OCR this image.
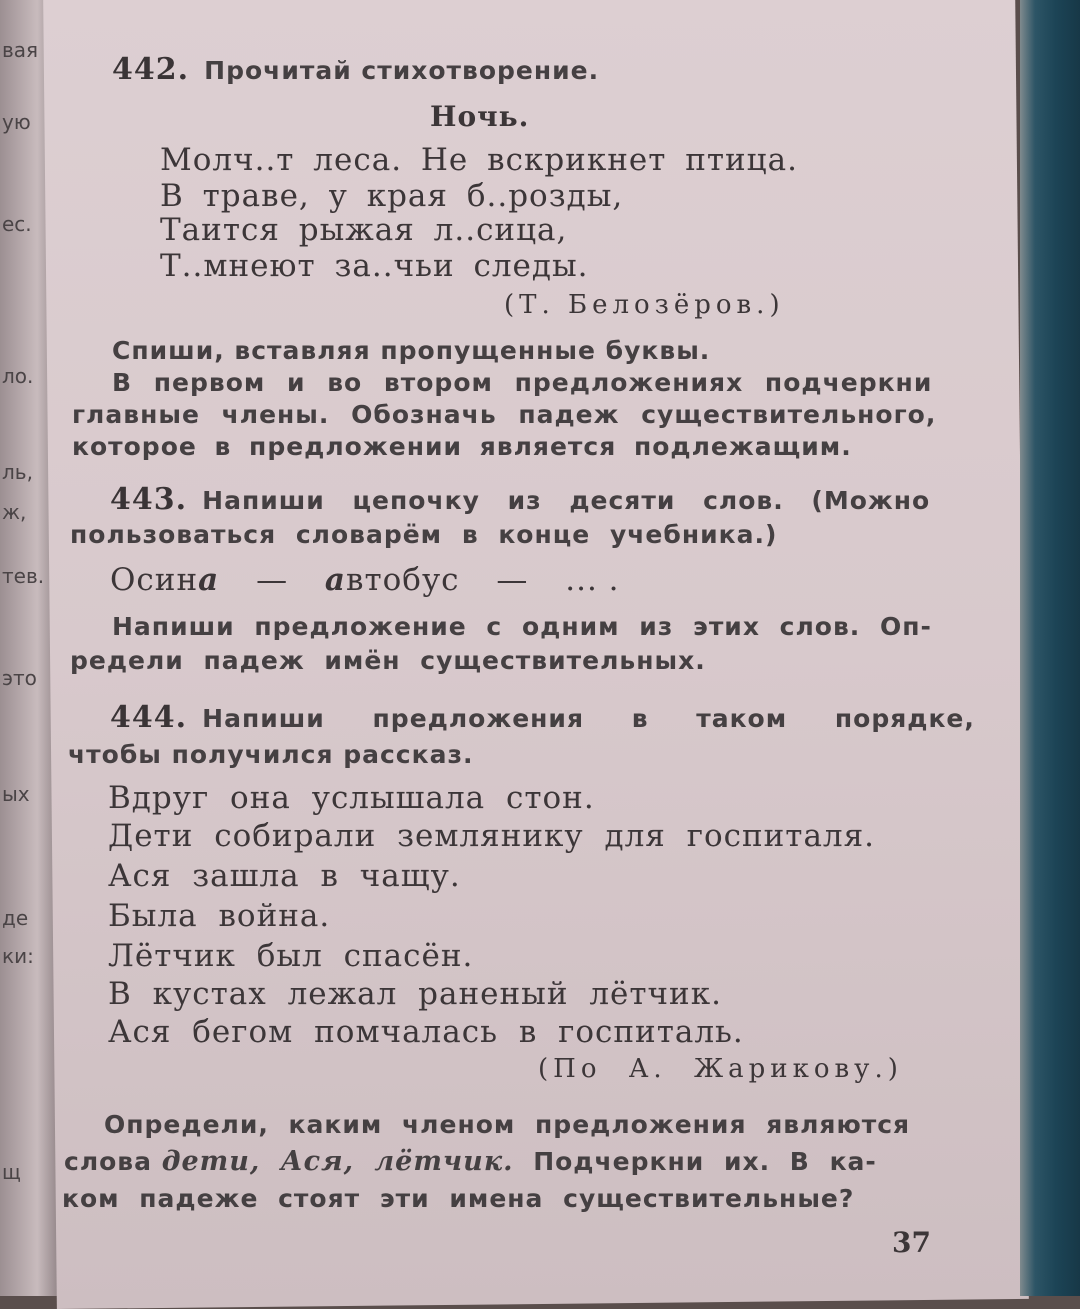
вая
ую
ес.
ло.
ль,
ж,
тев.
это
ых
де
ки:
щ
442. Прочитай стихотворение.
Ночь.
Молч..т леса. Не вскрикнет птица.
В траве, у края б..розды,
Таится рыжая л..сица,
Т..мнеют за..чьи следы.
(Т. Белозёров.)
Спиши, вставляя пропущенные буквы.
В первом и во втором предложениях подчеркни
главные члены. Обозначь падеж существительного,
которое в предложении является подлежащим.
443. Напиши цепочку из десяти слов. (Можно
пользоваться словарём в конце учебника.)
Осина — автобус — ... .
Напиши предложение с одним из этих слов. Оп-
редели падеж имён существительных.
444. Напиши предложения в таком порядке,
чтобы получился рассказ.
Вдруг она услышала стон.
Дети собирали землянику для госпиталя.
Ася зашла в чащу.
Была война.
Лётчик был спасён.
В кустах лежал раненый лётчик.
Ася бегом помчалась в госпиталь.
(По А. Жарикову.)
Определи, каким членом предложения являются
слова дети, Ася, лётчик. Подчеркни их. В ка-
ком падеже стоят эти имена существительные?
37
